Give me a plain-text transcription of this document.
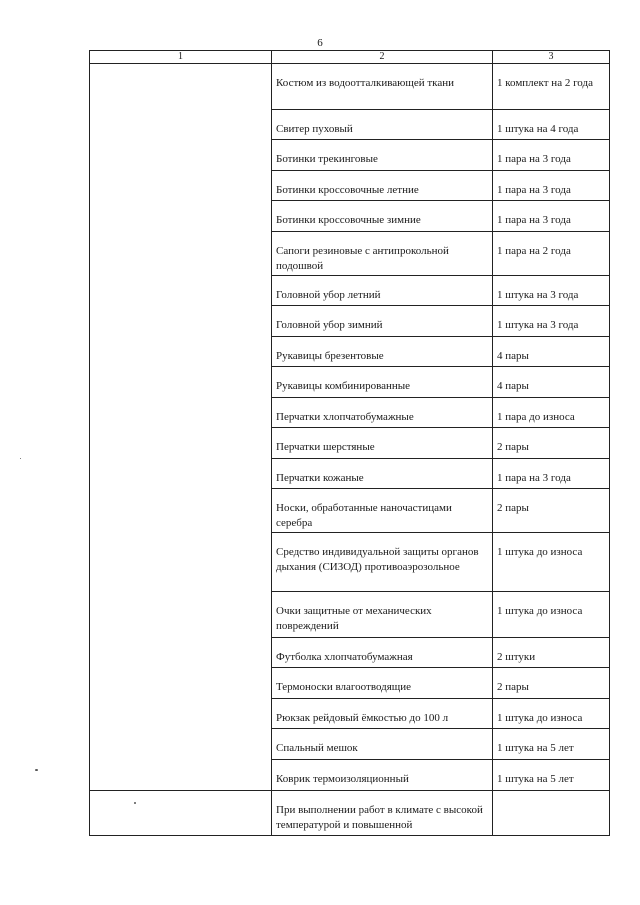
6
1	2	3
	Костюм из водоотталкивающей ткани	1 комплект на 2 года
	Свитер пуховый	1 штука на 4 года
	Ботинки трекинговые	1 пара на 3 года
	Ботинки кроссовочные летние	1 пара на 3 года
	Ботинки кроссовочные зимние	1 пара на 3 года
	Сапоги резиновые с антипрокольной подошвой	1 пара на 2 года
	Головной убор летний	1 штука на 3 года
	Головной убор зимний	1 штука на 3 года
	Рукавицы брезентовые	4 пары
	Рукавицы комбинированные	4 пары
	Перчатки хлопчатобумажные	1 пара до износа
	Перчатки шерстяные	2 пары
	Перчатки кожаные	1 пара на 3 года
	Носки, обработанные наночастицами серебра	2 пары
	Средство индивидуальной защиты органов дыхания (СИЗОД) противоаэрозольное	1 штука до износа
	Очки защитные от механических повреждений	1 штука до износа
	Футболка хлопчатобумажная	2 штуки
	Термоноски влагоотводящие	2 пары
	Рюкзак рейдовый ёмкостью до 100 л	1 штука до износа
	Спальный мешок	1 штука на 5 лет
	Коврик термоизоляционный	1 штука на 5 лет
	При выполнении работ в климате с высокой температурой и повышенной	
